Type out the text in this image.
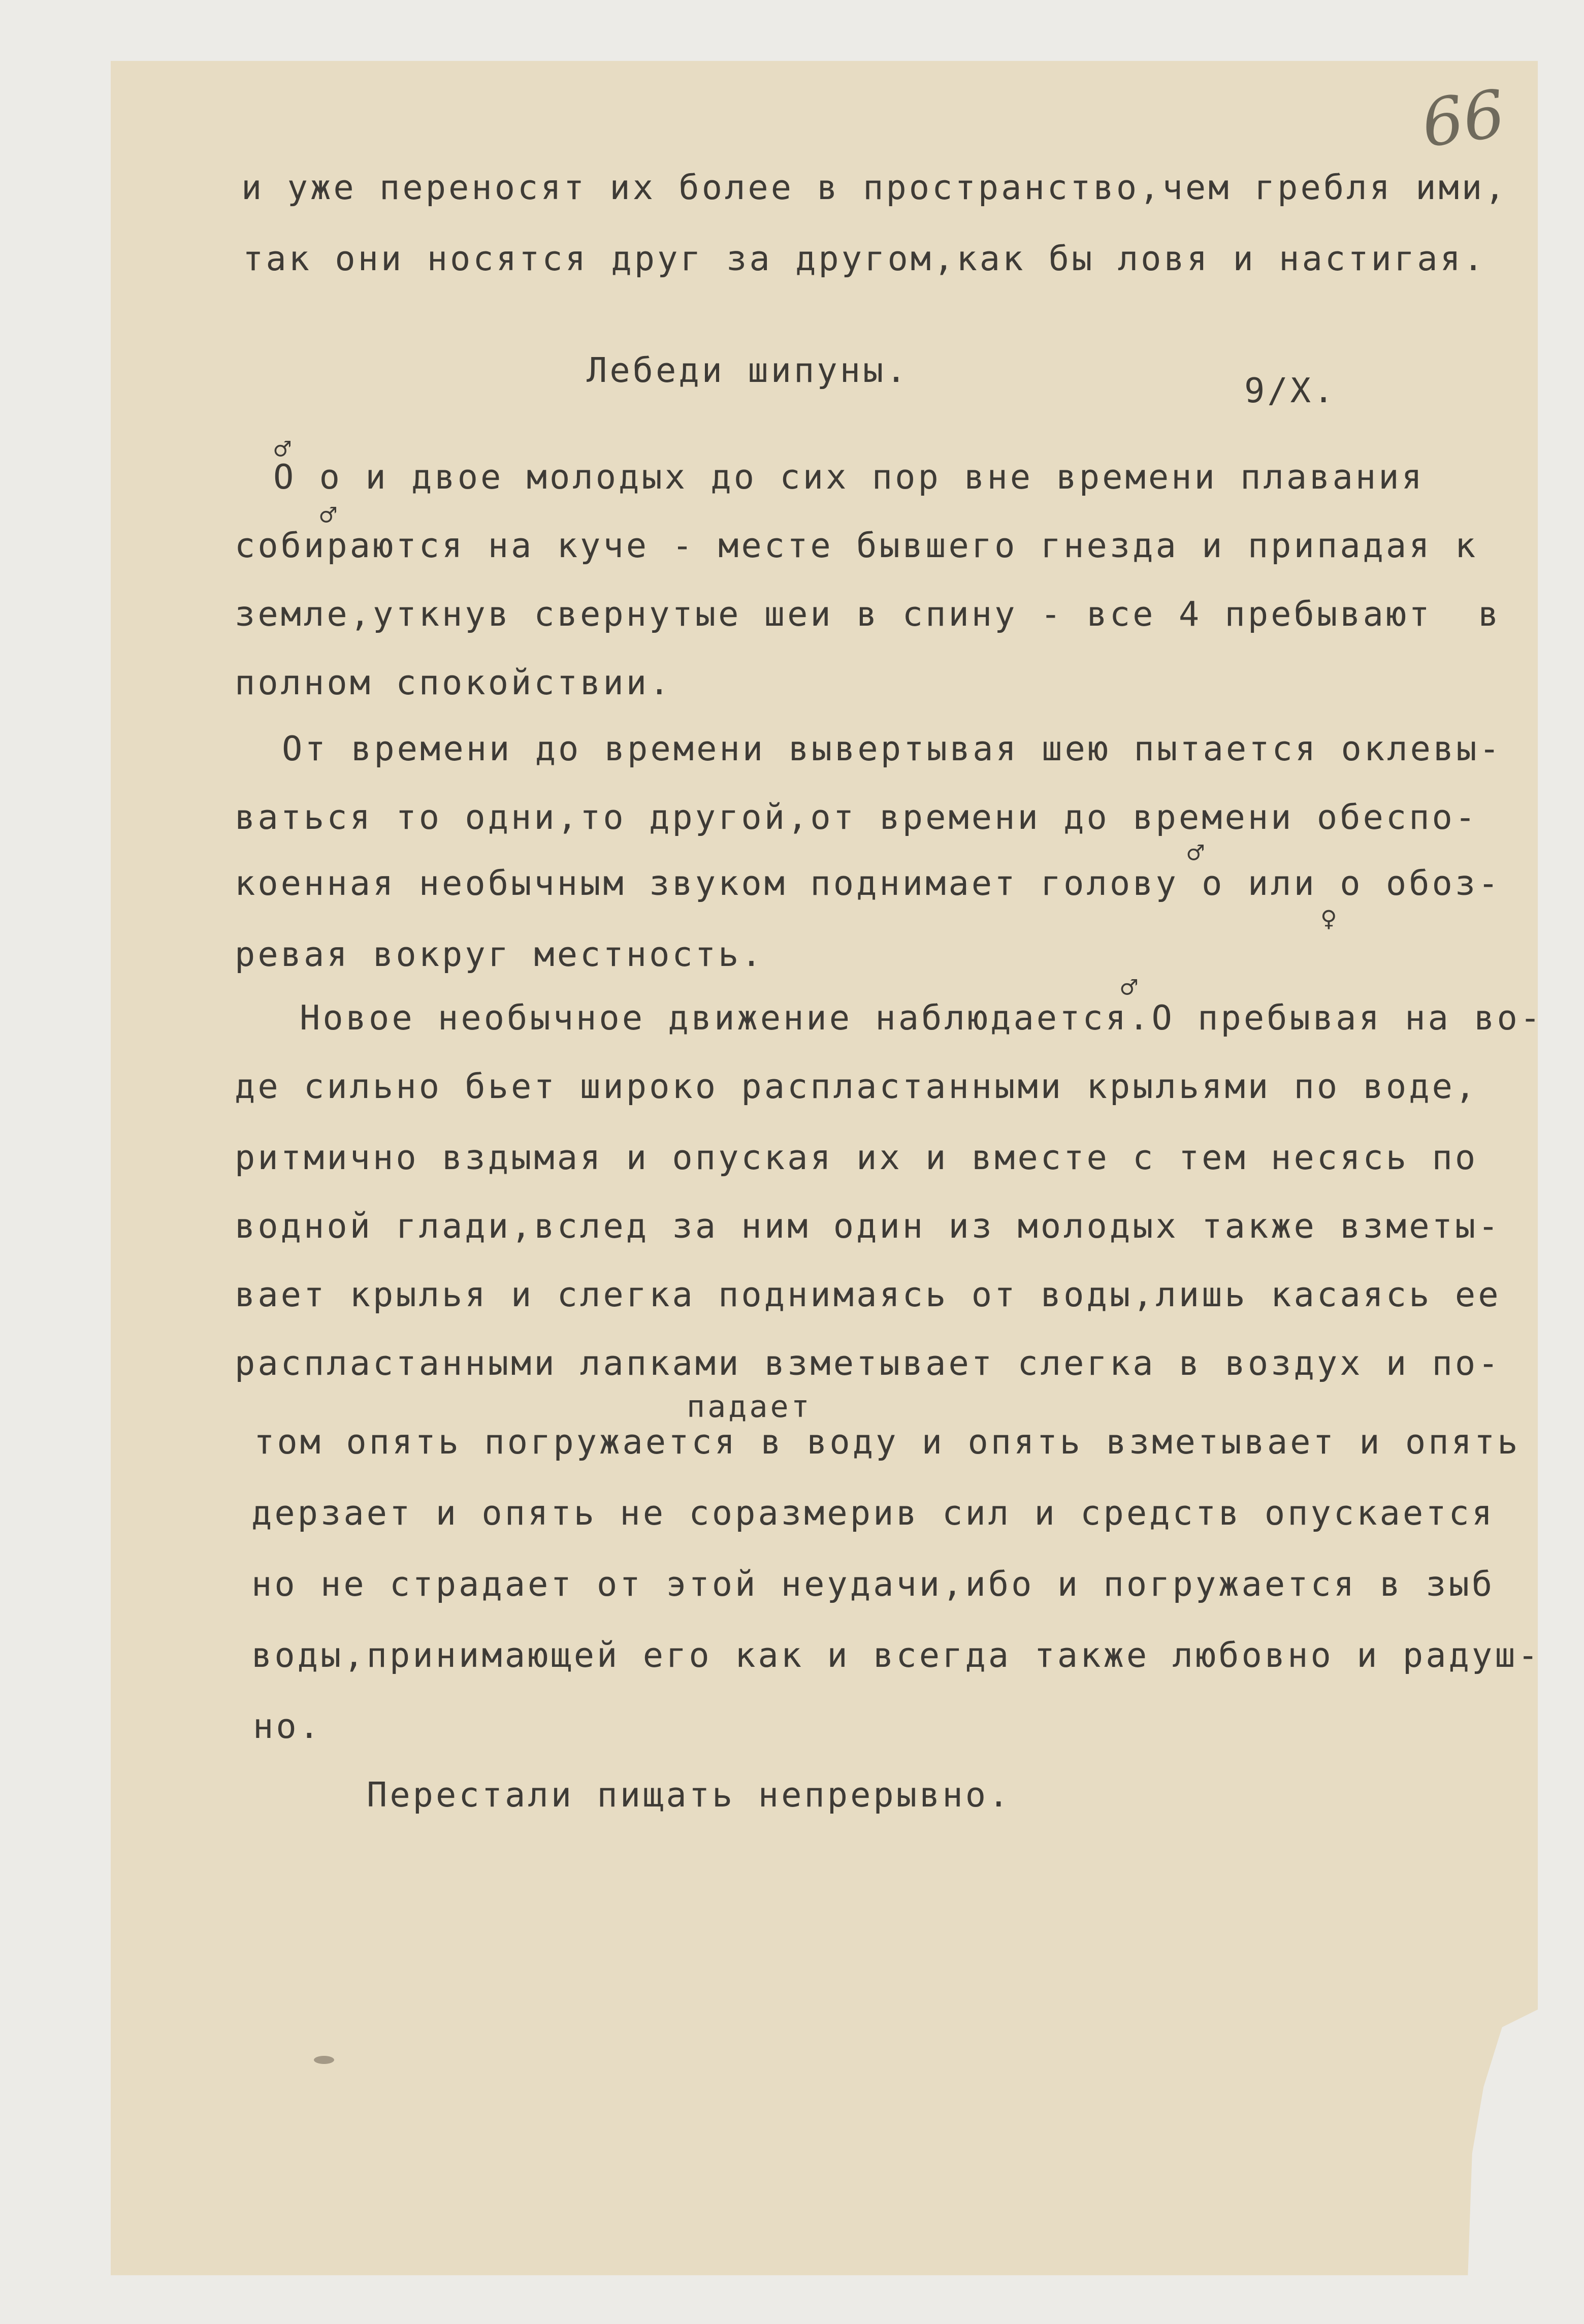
66

и уже переносят их более в пространство,чем гребля ими,

так они носятся друг за другом,как бы ловя и настигая.

Лебеди шипуны.

9/Х.

♂

О о и двое молодых до сих пор вне времени плавания

♂

собираются на куче - месте бывшего гнезда и припадая к

земле,уткнув свернутые шеи в спину - все 4 пребывают  в

полном спокойствии.

От времени до времени вывертывая шею пытается оклевы-

ваться то одни,то другой,от времени до времени обеспо-

♂

коенная необычным звуком поднимает голову о или о обоз-

♀

ревая вокруг местность.

♂

Новое необычное движение наблюдается.О пребывая на во-

де сильно бьет широко распластанными крыльями по воде,

ритмично вздымая и опуская их и вместе с тем несясь по

водной глади,вслед за ним один из молодых также взметы-

вает крылья и слегка поднимаясь от воды,лишь касаясь ее

распластанными лапками взметывает слегка в воздух и по-

падает

том опять погружается в воду и опять взметывает и опять

дерзает и опять не соразмерив сил и средств опускается

но не страдает от этой неудачи,ибо и погружается в зыб

воды,принимающей его как и всегда также любовно и радуш-

но.

Перестали пищать непрерывно.
